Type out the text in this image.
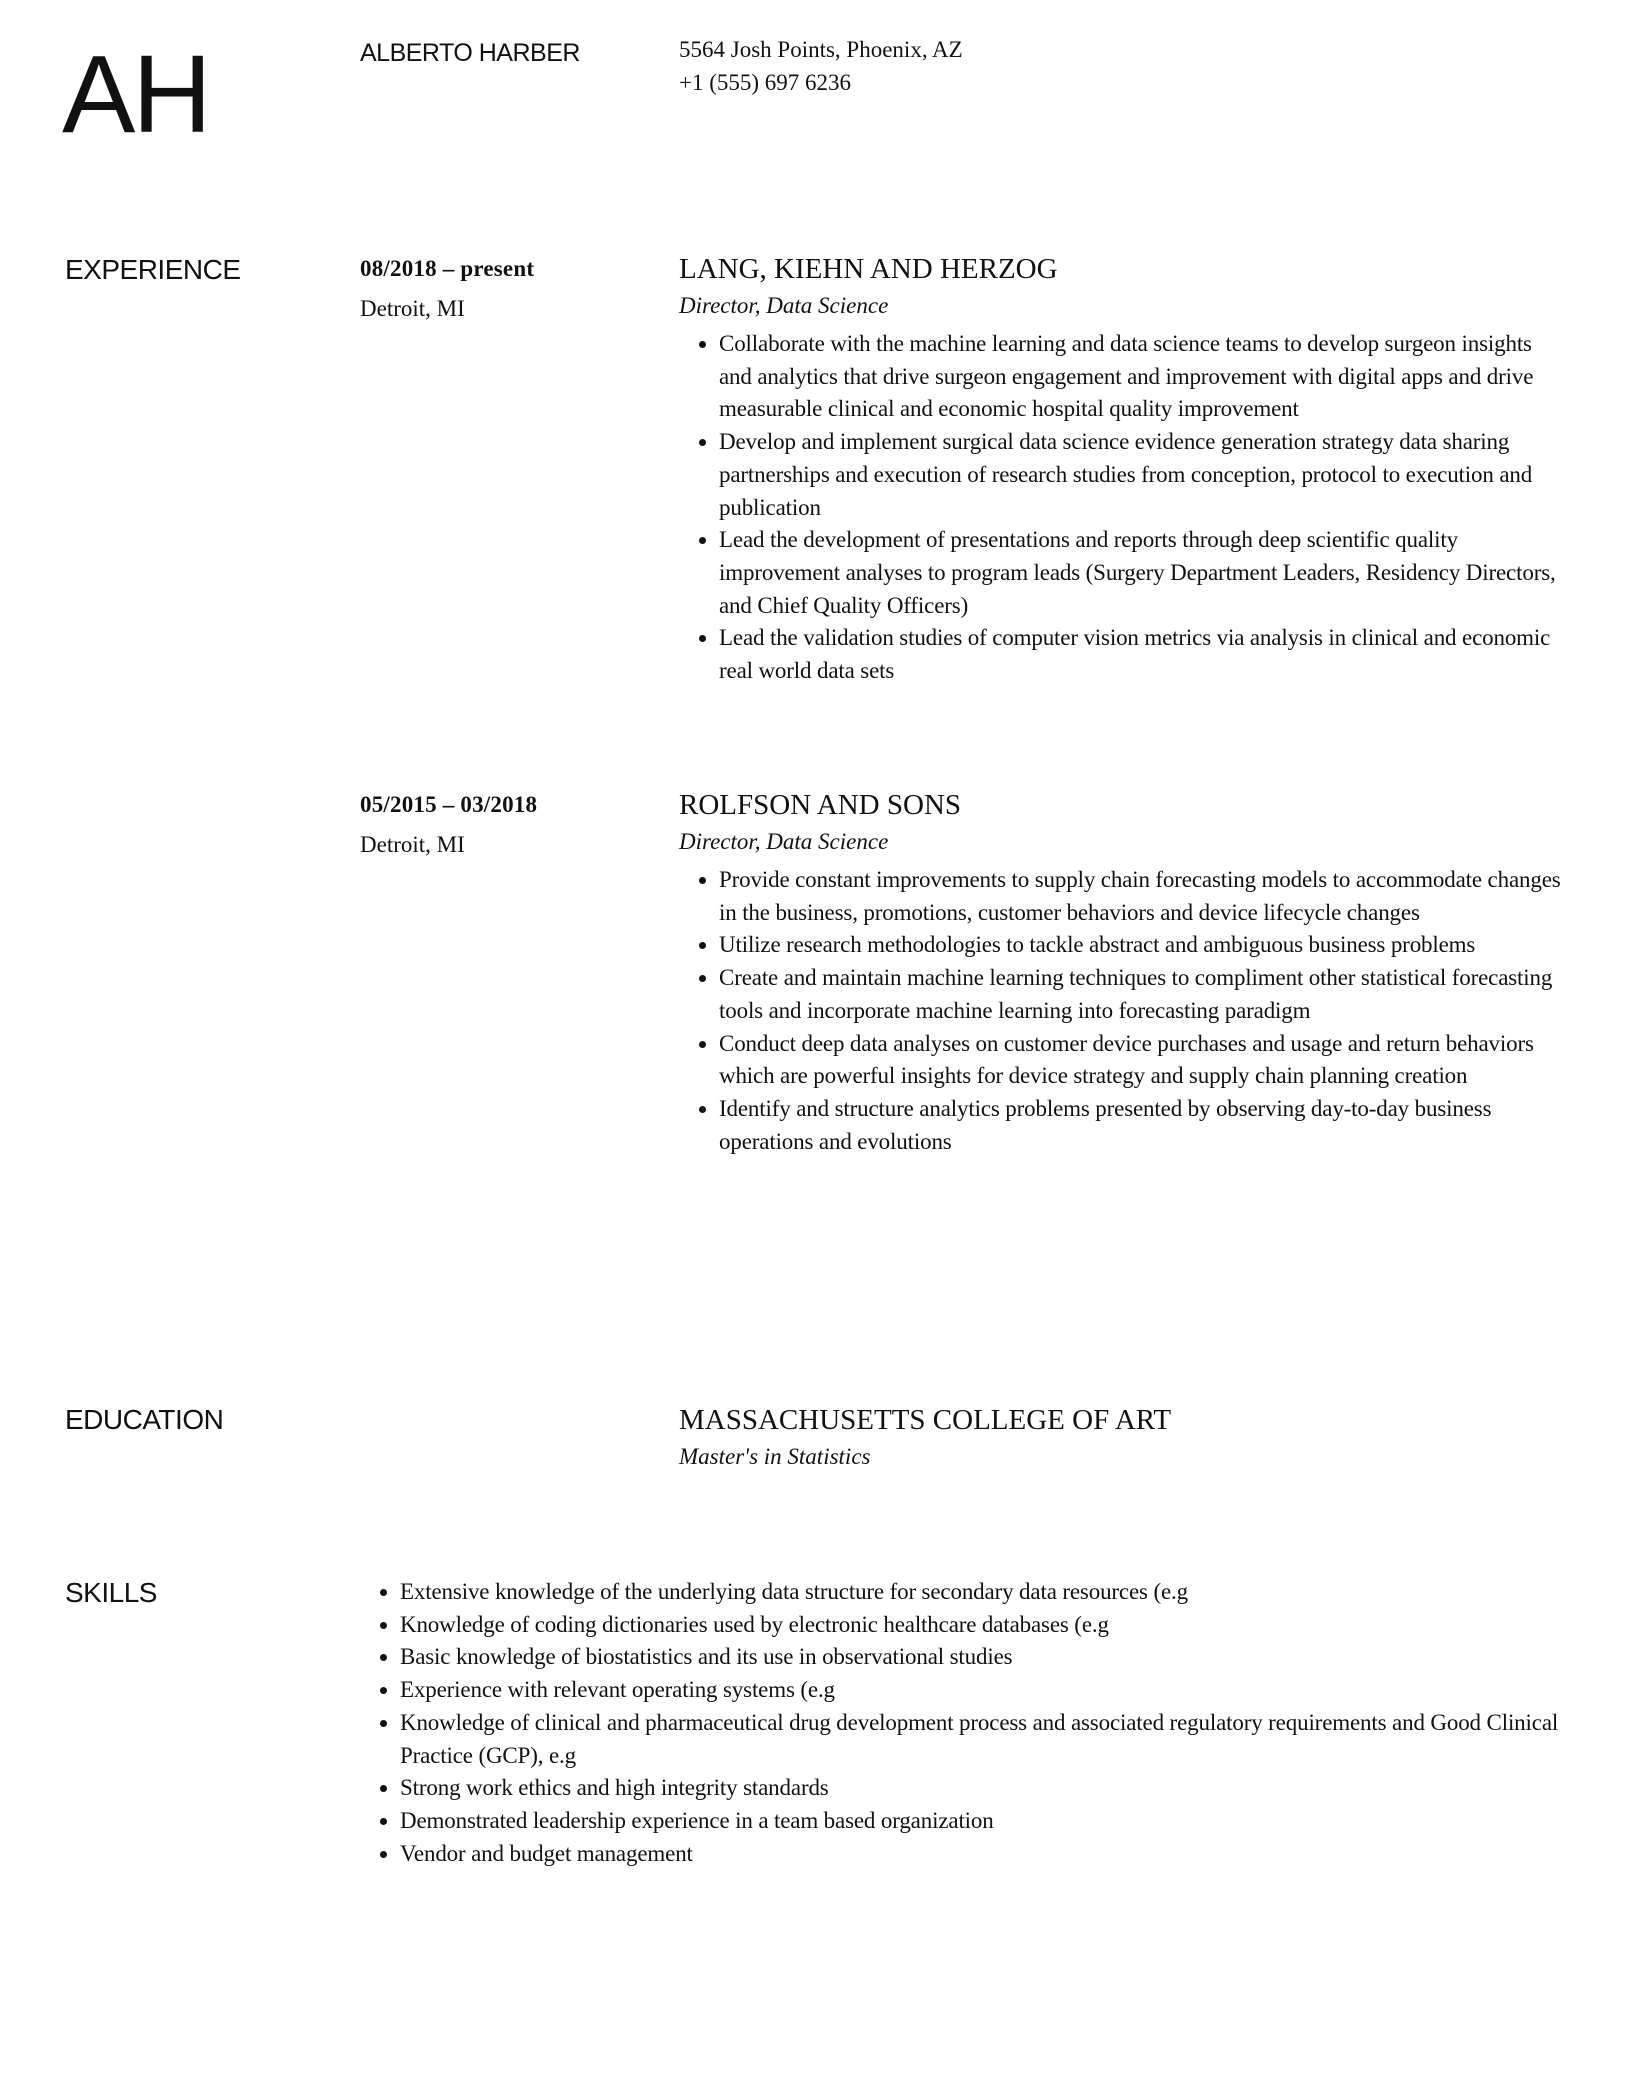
AH	ALBERTO HARBER	5564 Josh Points, Phoenix, AZ
+1 (555) 697 6236
EXPERIENCE	08/2018 – present
Detroit, MI
LANG, KIEHN AND HERZOG
Director, Data Science
• Collaborate with the machine learning and data science teams to develop surgeon insights and analytics that drive surgeon engagement and improvement with digital apps and drive measurable clinical and economic hospital quality improvement
• Develop and implement surgical data science evidence generation strategy data sharing partnerships and execution of research studies from conception, protocol to execution and publication
• Lead the development of presentations and reports through deep scientific quality improvement analyses to program leads (Surgery Department Leaders, Residency Directors, and Chief Quality Officers)
• Lead the validation studies of computer vision metrics via analysis in clinical and economic real world data sets
05/2015 – 03/2018
Detroit, MI
ROLFSON AND SONS
Director, Data Science
• Provide constant improvements to supply chain forecasting models to accommodate changes in the business, promotions, customer behaviors and device lifecycle changes
• Utilize research methodologies to tackle abstract and ambiguous business problems
• Create and maintain machine learning techniques to compliment other statistical forecasting tools and incorporate machine learning into forecasting paradigm
• Conduct deep data analyses on customer device purchases and usage and return behaviors which are powerful insights for device strategy and supply chain planning creation
• Identify and structure analytics problems presented by observing day-to-day business operations and evolutions
EDUCATION	MASSACHUSETTS COLLEGE OF ART
Master's in Statistics
SKILLS	• Extensive knowledge of the underlying data structure for secondary data resources (e.g
• Knowledge of coding dictionaries used by electronic healthcare databases (e.g
• Basic knowledge of biostatistics and its use in observational studies
• Experience with relevant operating systems (e.g
• Knowledge of clinical and pharmaceutical drug development process and associated regulatory requirements and Good Clinical Practice (GCP), e.g
• Strong work ethics and high integrity standards
• Demonstrated leadership experience in a team based organization
• Vendor and budget management
